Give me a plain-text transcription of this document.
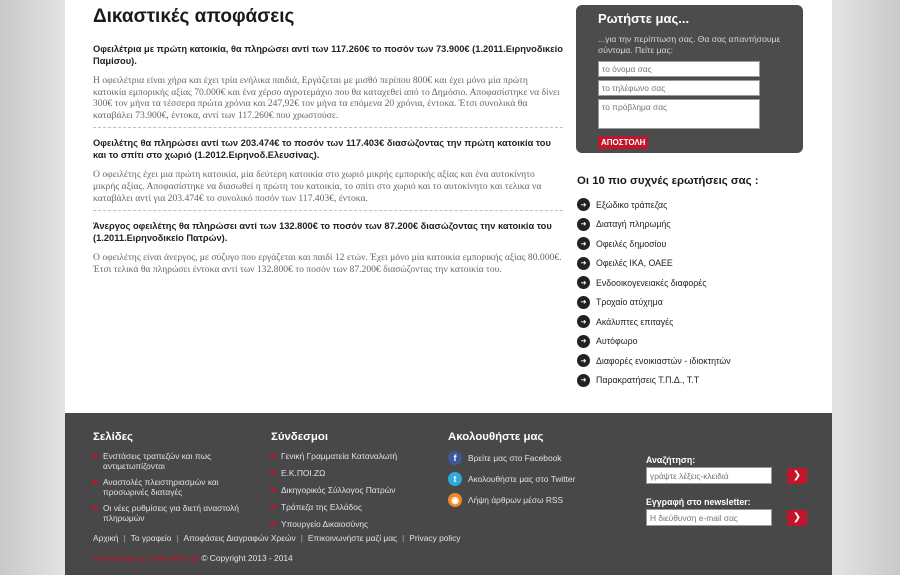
Δικαστικές αποφάσεις
Οφειλέτρια με πρώτη κατοικία, θα πληρώσει αντί των 117.260€ το ποσόν των 73.900€ (1.2011.Ειρηνοδικείο Παμίσου).

Η οφειλέτρια είναι χήρα και έχει τρία ενήλικα παιδιά, Εργάζεται με μισθό περίπου 800€ και έχει μόνο μία πρώτη κατοικία εμπορικής αξίας 70.000€ και ένα χέρσο αγροτεμάχιο που θα καταχεθεί από το Δημόσιο. Αποφασίστηκε να δίνει 300€ τον μήνα τα τέσσερα πρώτα χρόνια και 247,92€ τον μήνα τα επόμενα 20 χρόνια, έντοκα. Έτσι συνολικά θα καταβάλει 73.900€, έντοκα, αντί των 117.260€ που χρωστούσε.

Οφειλέτης θα πληρώσει αντί των 203.474€ το ποσόν των 117.403€ διασώζοντας την πρώτη κατοικία του και το σπίτι στο χωριό (1.2012.Ειρηνοδ.Ελευσίνας).

Ο οφειλέτης έχει μια πρώτη κατοικία, μία δεύτερη κατοικία στο χωριό μικρής εμπορικής αξίας και ένα αυτοκίνητο μικρής αξίας. Αποφασίστηκε να διασωθεί η πρώτη του κατοικία, το σπίτι στο χωριό και το αυτοκίνητο και τελικα να καταβάλει αντί για 203.474€ το συνολικό ποσόν των 117.403€, έντοκα.

Άνεργος οφειλέτης θα πληρώσει αντί των 132.800€ το ποσόν των 87.200€ διασώζοντας την κατοικία του (1.2011.Ειρηνοδικείο Πατρών).

Ο οφειλέτης είναι άνεργος, με σύζυγο που εργάζεται και παιδί 12 ετών. Έχει μόνο μία κατοικία εμπορικής αξίας 80.000€. Έτσι τελικά θα πληρώσει έντοκα αντί των 132.800€ το ποσόν των 87.200€ διασώζοντας την κατοικία του.

Ρωτήστε μας...
...για την περίπτωση σας. Θα σας απαντήσουμε σύντομα. Πείτε μας:
το όνομα σας
το τηλέφωνο σας
το πρόβλημα σας ΑΠΟΣΤΟΛΗ
Οι 10 πιο συχνές ερωτήσεις σας :
➜	Εξώδικο τράπεζας
➜	Διαταγή πληρωμής
➜	Οφειλές δημοσίου
➜	Οφειλές ΙΚΑ, ΟΑΕΕ
➜	Ενδοοικογενειακές διαφορές
➜	Τροχαίο ατύχημα
➜	Ακάλυπτες επιταγές
➜	Αυτόφωρο
➜	Διαφορές ενοικιαστών - ιδιοκτητών
➜	Παρακρατήσεις Τ.Π.Δ., Τ.Τ
Σελίδες
Ενστάσεις τραπεζών και πως αντιμετωπίζονται
Αναστολές πλειστηριασμών και προσωρινές διαταγές
Οι νέες ρυθμίσεις για διετή αναστολή πληρωμών
Σύνδεσμοι
Γενική Γραμματεία Καταναλωτή
Ε.Κ.ΠΟΙ.ΖΩ
Δικηγορικός Σύλλογος Πατρών
Τράπεζα της Ελλάδος
Υπουργείο Δικαιοσύνης
Ακολουθήστε μας
f	Βρείτε μας στο Facebook
t	Ακολουθήστε μας στο Twitter
◉	Λήψη άρθρων μέσω RSS
Αναζήτηση:
γράψτε λέξεις-κλειδιά
❯
Εγγραφή στο newsletter:
Η διεύθυνση e-mail σας
❯
Αρχική | Το γραφείο | Αποφάσεις Διαγραφών Χρεών | Επικοινωνήστε μαζί μας | Privacy policy
antiradasan.gr, antiratemy.gr © Copyright 2013 - 2014
